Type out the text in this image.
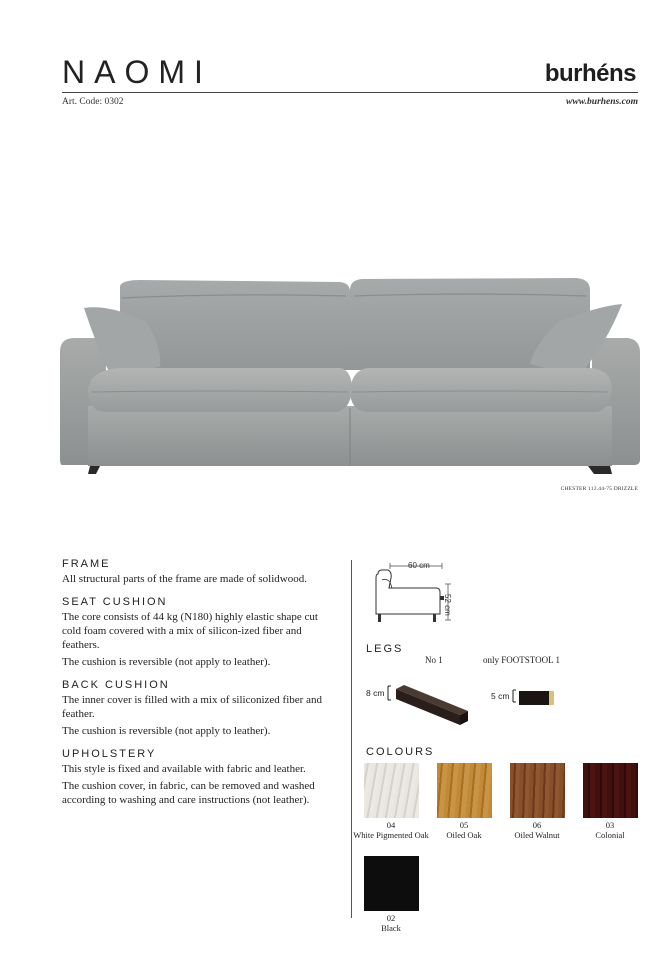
NAOMI	burhéns
Art. Code: 0302	www.burhens.com
CHESTER 112.44-75 DRIZZLE
FRAME
All structural parts of the frame are made of solidwood.
SEAT CUSHION
The core consists of 44 kg (N180) highly elastic shape cut cold foam covered with a mix of silicon-ized fiber and feathers.
The cushion is reversible (not apply to leather).
BACK CUSHION
The inner cover is filled with a mix of siliconized fiber and feather.
The cushion is reversible (not apply to leather).
UPHOLSTERY
This style is fixed and available with fabric and leather.
The cushion cover, in fabric, can be removed and washed according to washing and care instructions (not leather).
60 cm
52 cm
LEGS
No 1	only FOOTSTOOL 1
8 cm	5 cm
COLOURS
04
White Pigmented Oak
05
Oiled Oak
06
Oiled Walnut
03
Colonial
02
Black
